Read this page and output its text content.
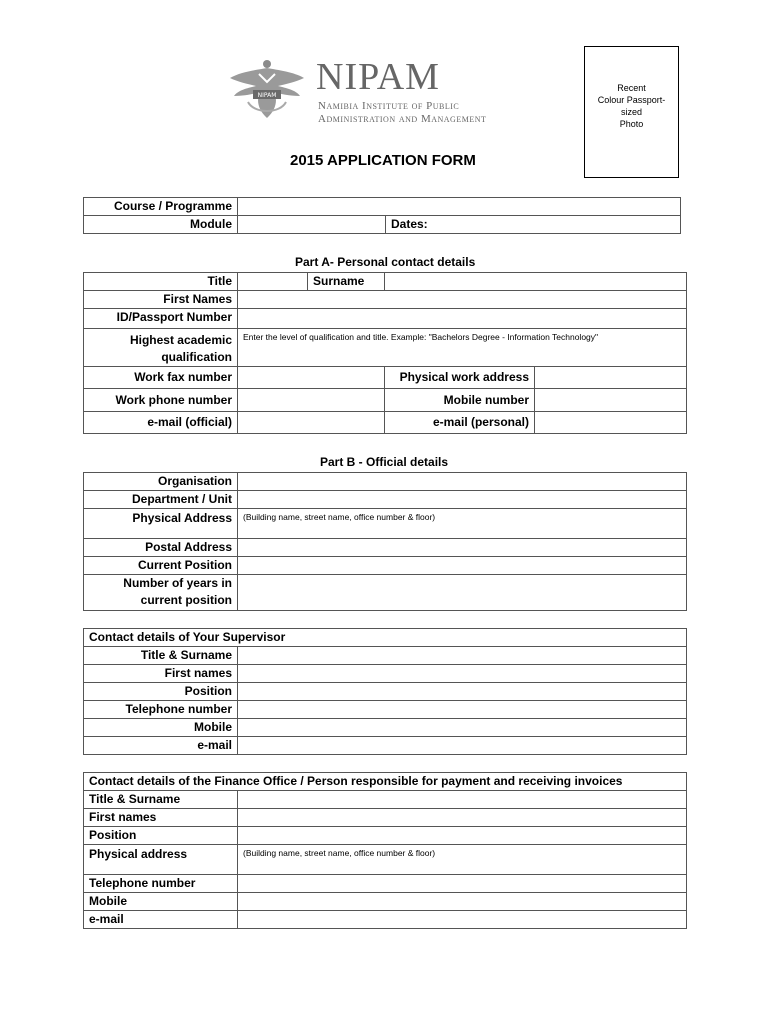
NIPAM NIPAM
Namibia Institute of Public
Administration and Management
Recent
Colour Passport-
sized
Photo
2015 APPLICATION FORM
Course / Programme		
Module		Dates:
Part A- Personal contact details
Title		Surname		
First Names				
ID/Passport Number				

Highest academic
qualification	Enter the level of qualification and title. Example: "Bachelors Degree - Information Technology"			
Work fax number			Physical work address	
Work phone number			Mobile number	
e-mail (official)			e-mail (personal)	
Part B - Official details
Organisation	
Department / Unit	
Physical Address	(Building name, street name, office number & floor)
Postal Address	
Current Position	

Number of years in
current position	

Contact details of Your Supervisor	
Title & Surname	
First names	
Position	
Telephone number	
Mobile	
e-mail	
Contact details of the Finance Office / Person responsible for payment and receiving invoices	
Title & Surname	
First names	
Position	
Physical address	(Building name, street name, office number & floor)
Telephone number	
Mobile	
e-mail	
